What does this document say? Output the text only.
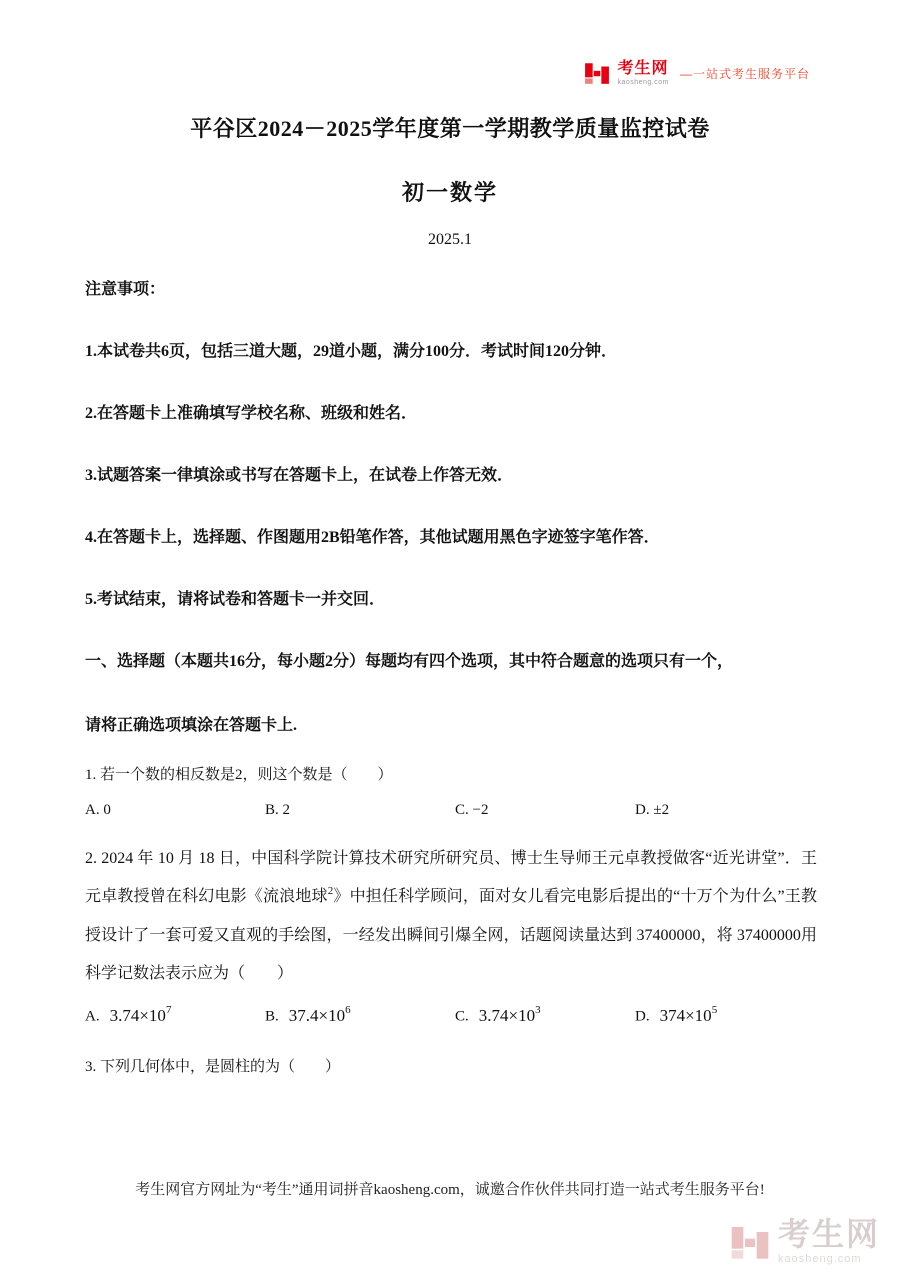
考生网
kaosheng.com
—一站式考生服务平台
平谷区2024－2025学年度第一学期教学质量监控试卷
初一数学
2025.1

注意事项：

1.本试卷共6页，包括三道大题，29道小题，满分100分．考试时间120分钟．

2.在答题卡上准确填写学校名称、班级和姓名．

3.试题答案一律填涂或书写在答题卡上，在试卷上作答无效．

4.在答题卡上，选择题、作图题用2B铅笔作答，其他试题用黑色字迹签字笔作答．

5.考试结束，请将试卷和答题卡一并交回．

一、选择题（本题共16分，每小题2分）每题均有四个选项，其中符合题意的选项只有一个，

请将正确选项填涂在答题卡上.

1. 若一个数的相反数是2，则这个数是（　　）

A. 0	B. 2	C. −2	D. ±2

2. 2024 年 10 月 18 日，中国科学院计算技术研究所研究员、博士生导师王元卓教授做客“近光讲堂”．王元卓教授曾在科幻电影《流浪地球$^2$》中担任科学顾问，面对女儿看完电影后提出的“十万个为什么”王教授设计了一套可爱又直观的手绘图，一经发出瞬间引爆全网，话题阅读量达到 37400000，将 37400000用科学记数法表示应为（　　）

A. $3.74\times 10^7$	B. $37.4\times 10^6$	C. $3.74\times 10^3$	D. $374\times 10^5$

3. 下列几何体中，是圆柱的为（　　）

考生网官方网址为“考生”通用词拼音kaosheng.com，诚邀合作伙伴共同打造一站式考生服务平台!
考生网
kaosheng.com
